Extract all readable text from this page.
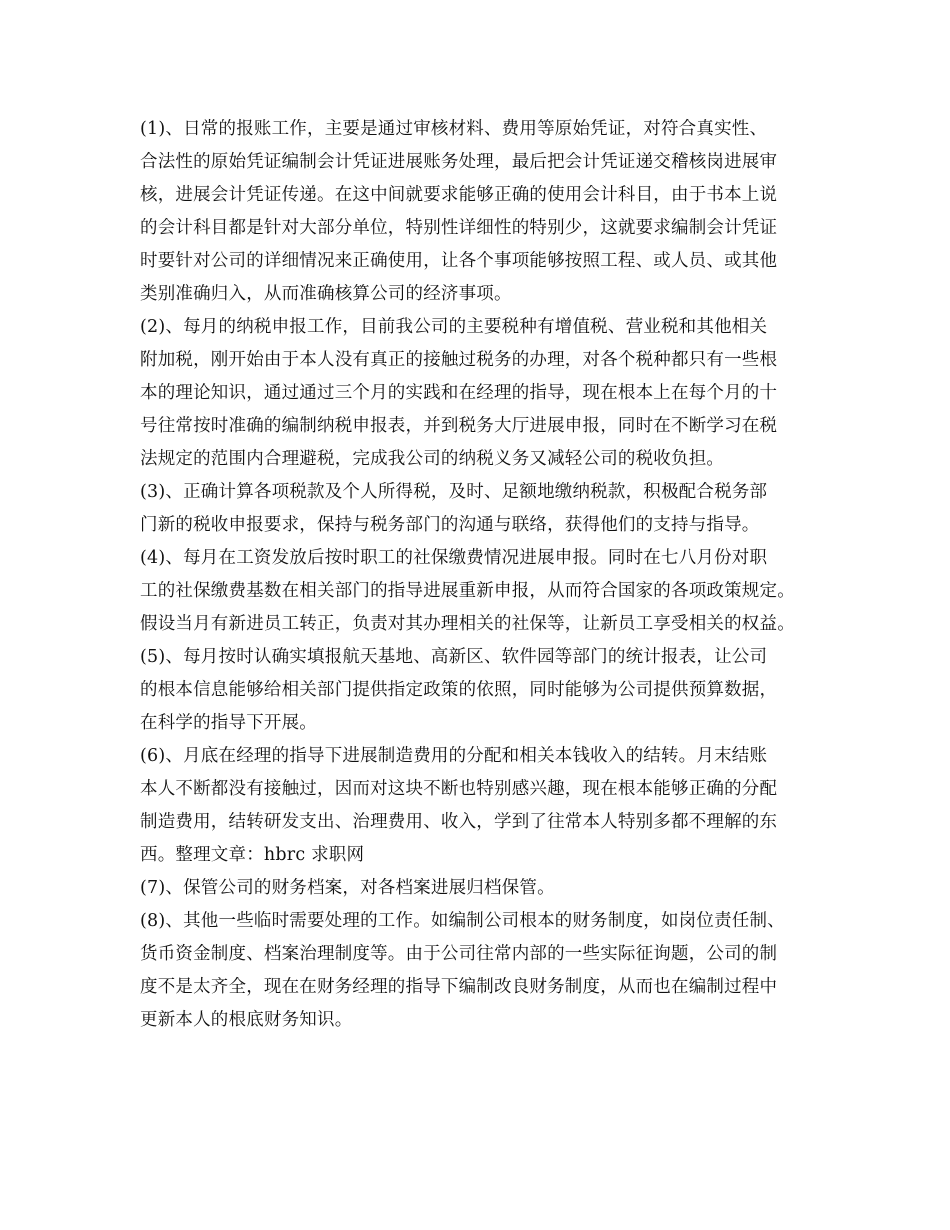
(1)、日常的报账工作，主要是通过审核材料、费用等原始凭证，对符合真实性、
合法性的原始凭证编制会计凭证进展账务处理，最后把会计凭证递交稽核岗进展审
核，进展会计凭证传递。在这中间就要求能够正确的使用会计科目，由于书本上说
的会计科目都是针对大部分单位，特别性详细性的特别少，这就要求编制会计凭证
时要针对公司的详细情况来正确使用，让各个事项能够按照工程、或人员、或其他
类别准确归入，从而准确核算公司的经济事项。
(2)、每月的纳税申报工作，目前我公司的主要税种有增值税、营业税和其他相关
附加税，刚开始由于本人没有真正的接触过税务的办理，对各个税种都只有一些根
本的理论知识，通过通过三个月的实践和在经理的指导，现在根本上在每个月的十
号往常按时准确的编制纳税申报表，并到税务大厅进展申报，同时在不断学习在税
法规定的范围内合理避税，完成我公司的纳税义务又减轻公司的税收负担。
(3)、正确计算各项税款及个人所得税，及时、足额地缴纳税款，积极配合税务部
门新的税收申报要求，保持与税务部门的沟通与联络，获得他们的支持与指导。
(4)、每月在工资发放后按时职工的社保缴费情况进展申报。同时在七八月份对职
工的社保缴费基数在相关部门的指导进展重新申报，从而符合国家的各项政策规定。
假设当月有新进员工转正，负责对其办理相关的社保等，让新员工享受相关的权益。
(5)、每月按时认确实填报航天基地、高新区、软件园等部门的统计报表，让公司
的根本信息能够给相关部门提供指定政策的依照，同时能够为公司提供预算数据，
在科学的指导下开展。
(6)、月底在经理的指导下进展制造费用的分配和相关本钱收入的结转。月末结账
本人不断都没有接触过，因而对这块不断也特别感兴趣，现在根本能够正确的分配
制造费用，结转研发支出、治理费用、收入，学到了往常本人特别多都不理解的东
西。整理文章：hbrc 求职网
(7)、保管公司的财务档案，对各档案进展归档保管。
(8)、其他一些临时需要处理的工作。如编制公司根本的财务制度，如岗位责任制、
货币资金制度、档案治理制度等。由于公司往常内部的一些实际征询题，公司的制
度不是太齐全，现在在财务经理的指导下编制改良财务制度，从而也在编制过程中
更新本人的根底财务知识。
